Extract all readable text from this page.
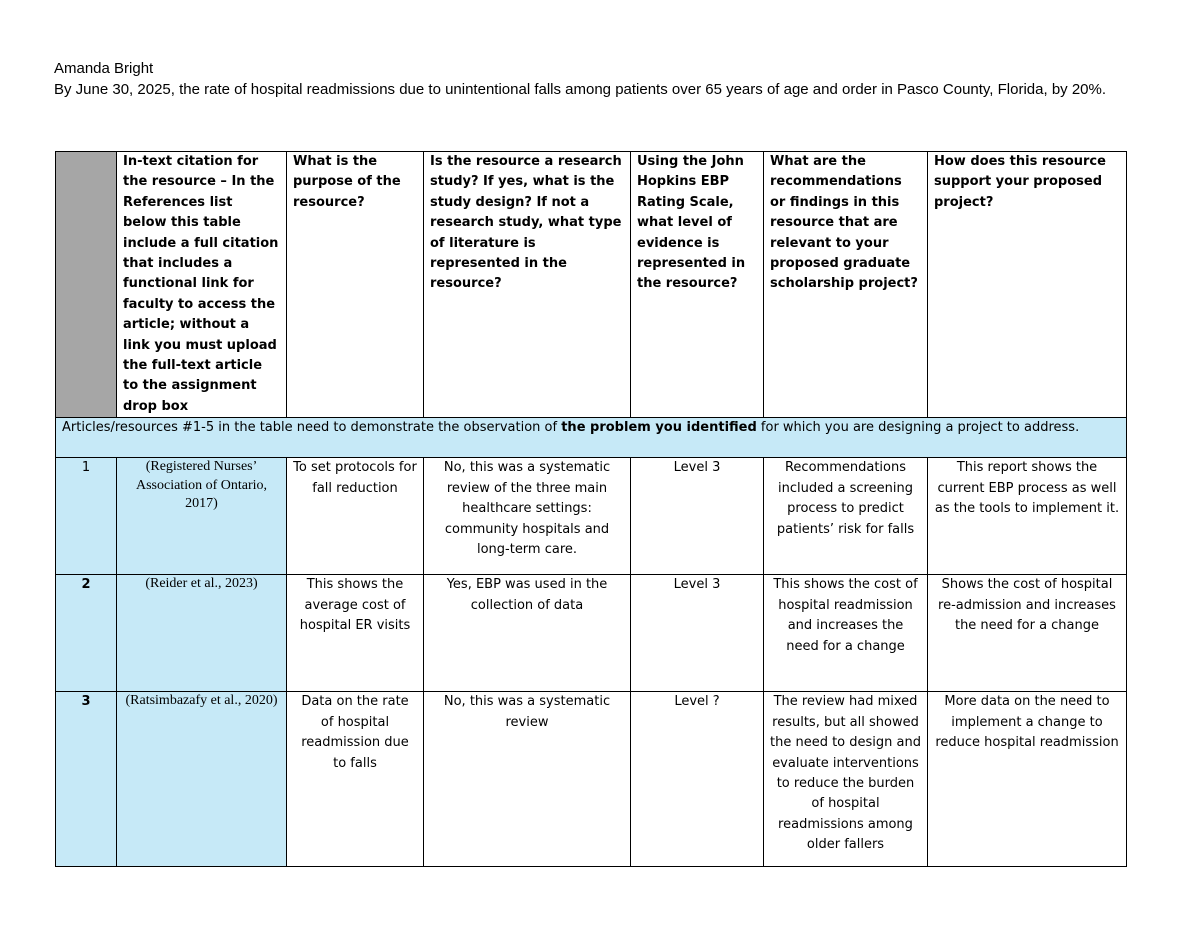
Amanda Bright
By June 30, 2025, the rate of hospital readmissions due to unintentional falls among patients over 65 years of age and order in Pasco County, Florida, by 20%.
	In-text citation for the resource – In the References list below this table include a full citation that includes a functional link for faculty to access the article; without a link you must upload the full-text article to the assignment drop box	What is the purpose of the resource?	Is the resource a research study? If yes, what is the study design? If not a research study, what type of literature is represented in the resource?	Using the John Hopkins EBP Rating Scale, what level of evidence is represented in the resource?	What are the recommendations or findings in this resource that are relevant to your proposed graduate scholarship project?	How does this resource support your proposed project?
Articles/resources #1-5 in the table need to demonstrate the observation of the problem you identified for which you are designing a project to address.						
1	(Registered Nurses’ Association of Ontario, 2017)	To set protocols for fall reduction	No, this was a systematic review of the three main healthcare settings: community hospitals and long-term care.	Level 3	Recommendations included a screening process to predict patients’ risk for falls	This report shows the current EBP process as well as the tools to implement it.
2	(Reider et al., 2023)	This shows the average cost of hospital ER visits	Yes, EBP was used in the collection of data	Level 3	This shows the cost of hospital readmission and increases the need for a change	Shows the cost of hospital re-admission and increases the need for a change
3	(Ratsimbazafy et al., 2020)	Data on the rate of hospital readmission due to falls	No, this was a systematic review	Level ?	The review had mixed results, but all showed the need to design and evaluate interventions to reduce the burden of hospital readmissions among older fallers	More data on the need to implement a change to reduce hospital readmission
